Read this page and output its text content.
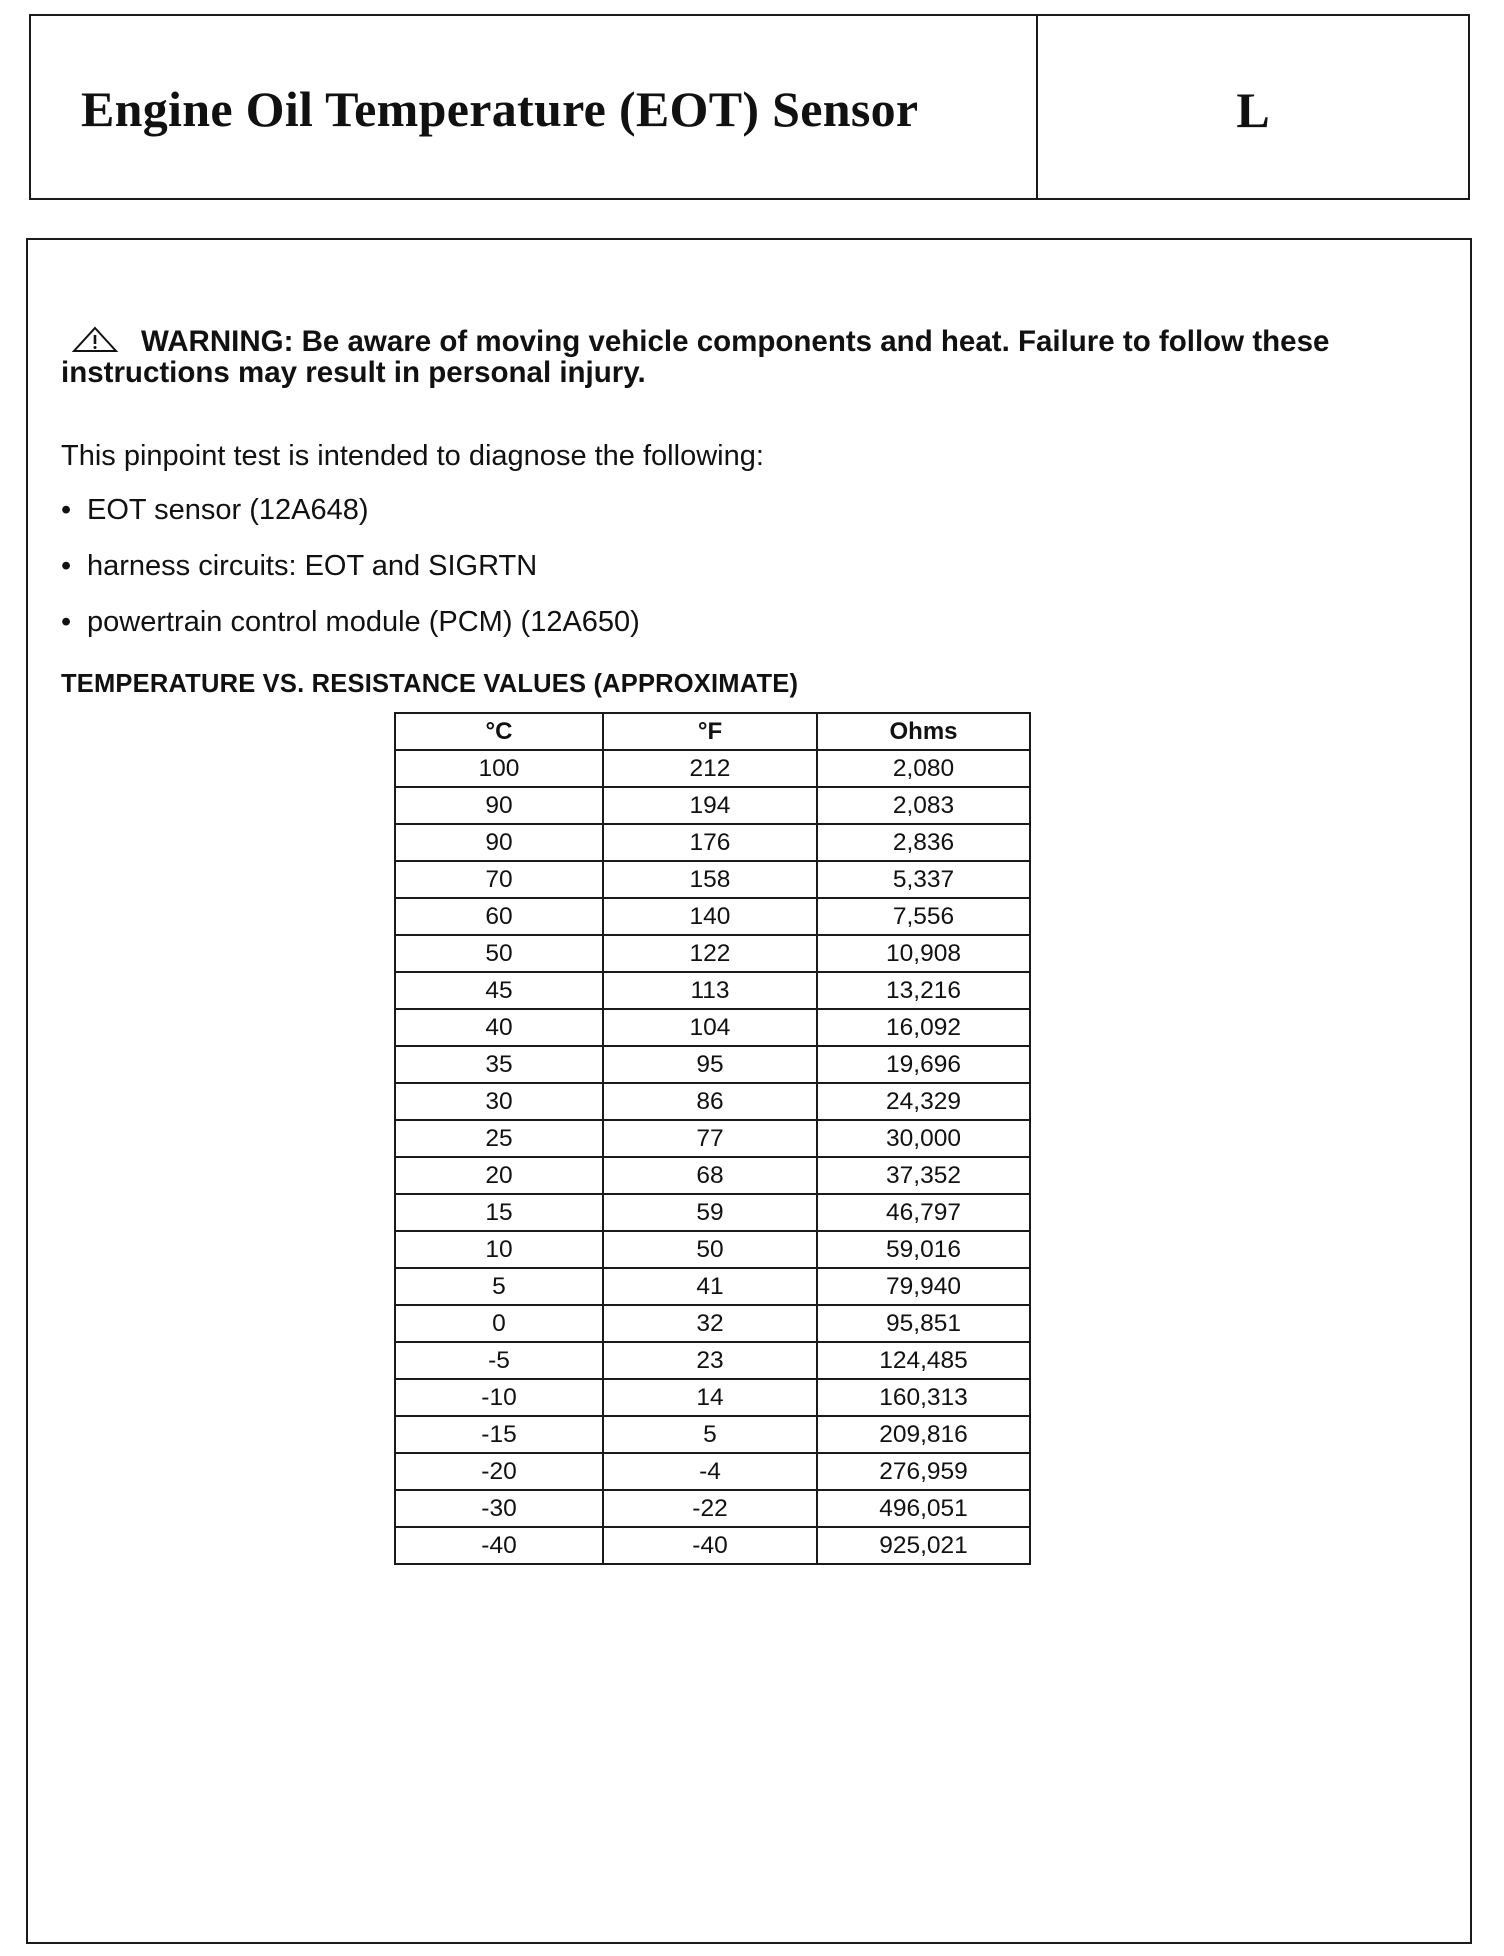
Engine Oil Temperature (EOT) Sensor	L
WARNING: Be aware of moving vehicle components and heat. Failure to follow these instructions may result in personal injury.
This pinpoint test is intended to diagnose the following:
• EOT sensor (12A648)
• harness circuits: EOT and SIGRTN
• powertrain control module (PCM) (12A650)
TEMPERATURE VS. RESISTANCE VALUES (APPROXIMATE)
°C	°F	Ohms
100	212	2,080
90	194	2,083
90	176	2,836
70	158	5,337
60	140	7,556
50	122	10,908
45	113	13,216
40	104	16,092
35	95	19,696
30	86	24,329
25	77	30,000
20	68	37,352
15	59	46,797
10	50	59,016
5	41	79,940
0	32	95,851
-5	23	124,485
-10	14	160,313
-15	5	209,816
-20	-4	276,959
-30	-22	496,051
-40	-40	925,021
